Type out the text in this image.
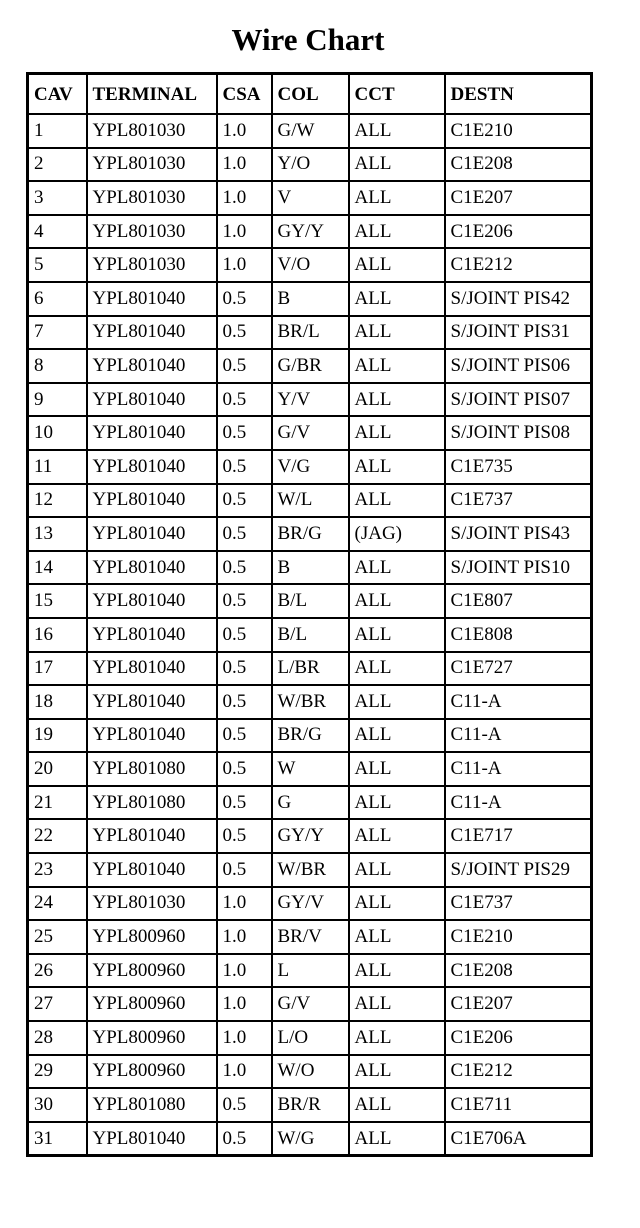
Wire Chart
CAV	TERMINAL	CSA	COL	CCT	DESTN
1	YPL801030	1.0	G/W	ALL	C1E210
2	YPL801030	1.0	Y/O	ALL	C1E208
3	YPL801030	1.0	V	ALL	C1E207
4	YPL801030	1.0	GY/Y	ALL	C1E206
5	YPL801030	1.0	V/O	ALL	C1E212
6	YPL801040	0.5	B	ALL	S/JOINT PIS42
7	YPL801040	0.5	BR/L	ALL	S/JOINT PIS31
8	YPL801040	0.5	G/BR	ALL	S/JOINT PIS06
9	YPL801040	0.5	Y/V	ALL	S/JOINT PIS07
10	YPL801040	0.5	G/V	ALL	S/JOINT PIS08
11	YPL801040	0.5	V/G	ALL	C1E735
12	YPL801040	0.5	W/L	ALL	C1E737
13	YPL801040	0.5	BR/G	(JAG)	S/JOINT PIS43
14	YPL801040	0.5	B	ALL	S/JOINT PIS10
15	YPL801040	0.5	B/L	ALL	C1E807
16	YPL801040	0.5	B/L	ALL	C1E808
17	YPL801040	0.5	L/BR	ALL	C1E727
18	YPL801040	0.5	W/BR	ALL	C11-A
19	YPL801040	0.5	BR/G	ALL	C11-A
20	YPL801080	0.5	W	ALL	C11-A
21	YPL801080	0.5	G	ALL	C11-A
22	YPL801040	0.5	GY/Y	ALL	C1E717
23	YPL801040	0.5	W/BR	ALL	S/JOINT PIS29
24	YPL801030	1.0	GY/V	ALL	C1E737
25	YPL800960	1.0	BR/V	ALL	C1E210
26	YPL800960	1.0	L	ALL	C1E208
27	YPL800960	1.0	G/V	ALL	C1E207
28	YPL800960	1.0	L/O	ALL	C1E206
29	YPL800960	1.0	W/O	ALL	C1E212
30	YPL801080	0.5	BR/R	ALL	C1E711
31	YPL801040	0.5	W/G	ALL	C1E706A
